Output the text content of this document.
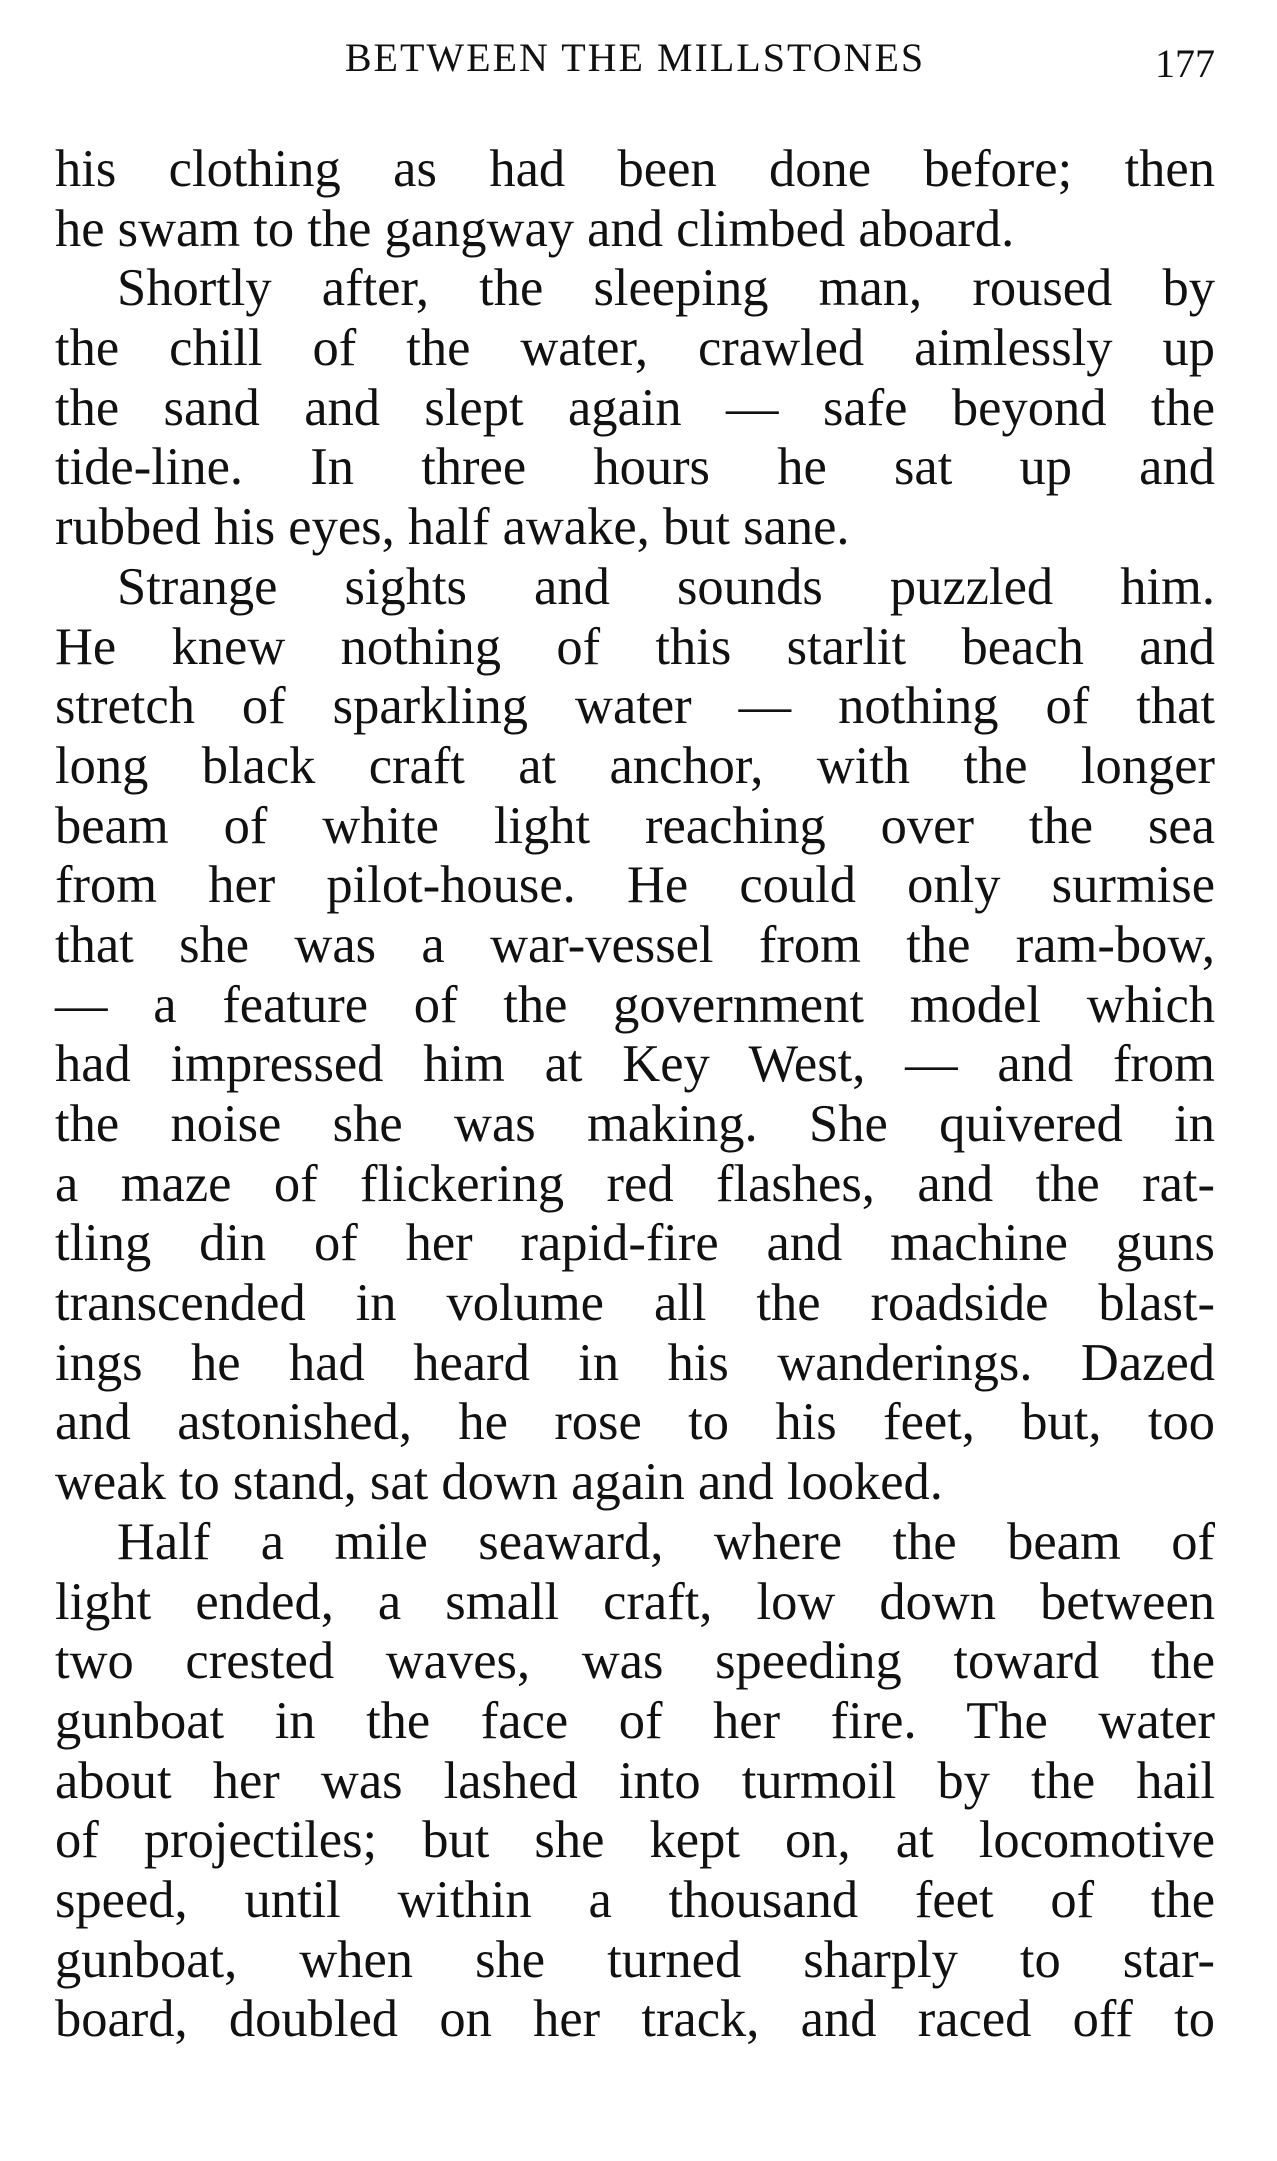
BETWEEN THE MILLSTONES	177
his clothing as had been done before; then
he swam to the gangway and climbed aboard.
Shortly after, the sleeping man, roused by
the chill of the water, crawled aimlessly up
the sand and slept again — safe beyond the
tide-line. In three hours he sat up and
rubbed his eyes, half awake, but sane.
Strange sights and sounds puzzled him.
He knew nothing of this starlit beach and
stretch of sparkling water — nothing of that
long black craft at anchor, with the longer
beam of white light reaching over the sea
from her pilot-house. He could only surmise
that she was a war-vessel from the ram-bow,
— a feature of the government model which
had impressed him at Key West, — and from
the noise she was making. She quivered in
a maze of flickering red flashes, and the rat-
tling din of her rapid-fire and machine guns
transcended in volume all the roadside blast-
ings he had heard in his wanderings. Dazed
and astonished, he rose to his feet, but, too
weak to stand, sat down again and looked.
Half a mile seaward, where the beam of
light ended, a small craft, low down between
two crested waves, was speeding toward the
gunboat in the face of her fire. The water
about her was lashed into turmoil by the hail
of projectiles; but she kept on, at locomotive
speed, until within a thousand feet of the
gunboat, when she turned sharply to star-
board, doubled on her track, and raced off to
